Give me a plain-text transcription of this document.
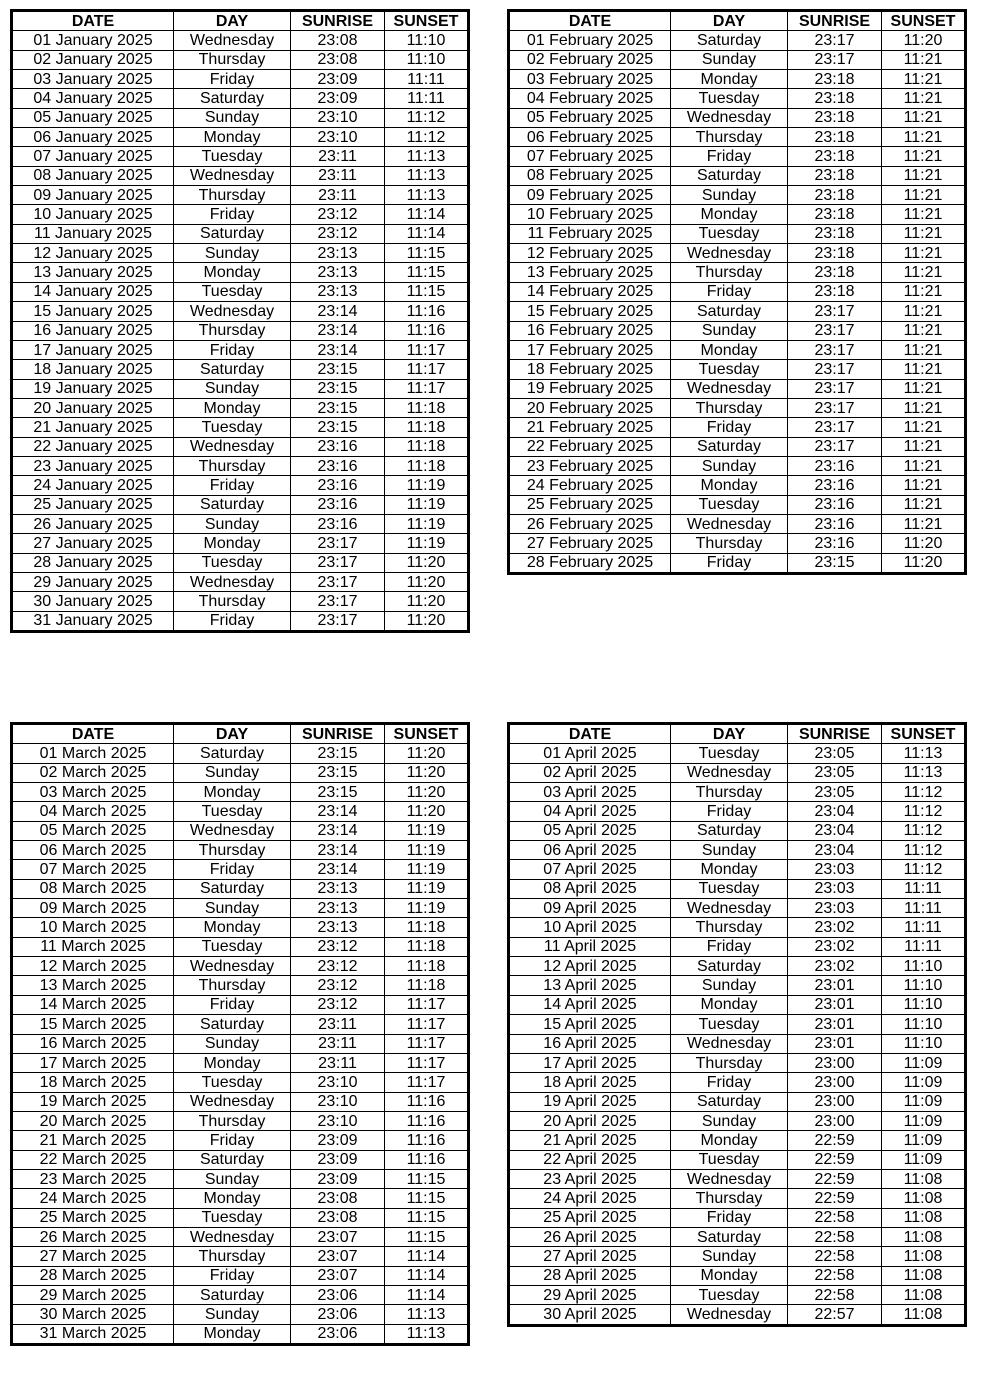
DATE	DAY	SUNRISE	SUNSET
01 January 2025	Wednesday	23:08	11:10
02 January 2025	Thursday	23:08	11:10
03 January 2025	Friday	23:09	11:11
04 January 2025	Saturday	23:09	11:11
05 January 2025	Sunday	23:10	11:12
06 January 2025	Monday	23:10	11:12
07 January 2025	Tuesday	23:11	11:13
08 January 2025	Wednesday	23:11	11:13
09 January 2025	Thursday	23:11	11:13
10 January 2025	Friday	23:12	11:14
11 January 2025	Saturday	23:12	11:14
12 January 2025	Sunday	23:13	11:15
13 January 2025	Monday	23:13	11:15
14 January 2025	Tuesday	23:13	11:15
15 January 2025	Wednesday	23:14	11:16
16 January 2025	Thursday	23:14	11:16
17 January 2025	Friday	23:14	11:17
18 January 2025	Saturday	23:15	11:17
19 January 2025	Sunday	23:15	11:17
20 January 2025	Monday	23:15	11:18
21 January 2025	Tuesday	23:15	11:18
22 January 2025	Wednesday	23:16	11:18
23 January 2025	Thursday	23:16	11:18
24 January 2025	Friday	23:16	11:19
25 January 2025	Saturday	23:16	11:19
26 January 2025	Sunday	23:16	11:19
27 January 2025	Monday	23:17	11:19
28 January 2025	Tuesday	23:17	11:20
29 January 2025	Wednesday	23:17	11:20
30 January 2025	Thursday	23:17	11:20
31 January 2025	Friday	23:17	11:20
DATE	DAY	SUNRISE	SUNSET
01 February 2025	Saturday	23:17	11:20
02 February 2025	Sunday	23:17	11:21
03 February 2025	Monday	23:18	11:21
04 February 2025	Tuesday	23:18	11:21
05 February 2025	Wednesday	23:18	11:21
06 February 2025	Thursday	23:18	11:21
07 February 2025	Friday	23:18	11:21
08 February 2025	Saturday	23:18	11:21
09 February 2025	Sunday	23:18	11:21
10 February 2025	Monday	23:18	11:21
11 February 2025	Tuesday	23:18	11:21
12 February 2025	Wednesday	23:18	11:21
13 February 2025	Thursday	23:18	11:21
14 February 2025	Friday	23:18	11:21
15 February 2025	Saturday	23:17	11:21
16 February 2025	Sunday	23:17	11:21
17 February 2025	Monday	23:17	11:21
18 February 2025	Tuesday	23:17	11:21
19 February 2025	Wednesday	23:17	11:21
20 February 2025	Thursday	23:17	11:21
21 February 2025	Friday	23:17	11:21
22 February 2025	Saturday	23:17	11:21
23 February 2025	Sunday	23:16	11:21
24 February 2025	Monday	23:16	11:21
25 February 2025	Tuesday	23:16	11:21
26 February 2025	Wednesday	23:16	11:21
27 February 2025	Thursday	23:16	11:20
28 February 2025	Friday	23:15	11:20
DATE	DAY	SUNRISE	SUNSET
01 March 2025	Saturday	23:15	11:20
02 March 2025	Sunday	23:15	11:20
03 March 2025	Monday	23:15	11:20
04 March 2025	Tuesday	23:14	11:20
05 March 2025	Wednesday	23:14	11:19
06 March 2025	Thursday	23:14	11:19
07 March 2025	Friday	23:14	11:19
08 March 2025	Saturday	23:13	11:19
09 March 2025	Sunday	23:13	11:19
10 March 2025	Monday	23:13	11:18
11 March 2025	Tuesday	23:12	11:18
12 March 2025	Wednesday	23:12	11:18
13 March 2025	Thursday	23:12	11:18
14 March 2025	Friday	23:12	11:17
15 March 2025	Saturday	23:11	11:17
16 March 2025	Sunday	23:11	11:17
17 March 2025	Monday	23:11	11:17
18 March 2025	Tuesday	23:10	11:17
19 March 2025	Wednesday	23:10	11:16
20 March 2025	Thursday	23:10	11:16
21 March 2025	Friday	23:09	11:16
22 March 2025	Saturday	23:09	11:16
23 March 2025	Sunday	23:09	11:15
24 March 2025	Monday	23:08	11:15
25 March 2025	Tuesday	23:08	11:15
26 March 2025	Wednesday	23:07	11:15
27 March 2025	Thursday	23:07	11:14
28 March 2025	Friday	23:07	11:14
29 March 2025	Saturday	23:06	11:14
30 March 2025	Sunday	23:06	11:13
31 March 2025	Monday	23:06	11:13
DATE	DAY	SUNRISE	SUNSET
01 April 2025	Tuesday	23:05	11:13
02 April 2025	Wednesday	23:05	11:13
03 April 2025	Thursday	23:05	11:12
04 April 2025	Friday	23:04	11:12
05 April 2025	Saturday	23:04	11:12
06 April 2025	Sunday	23:04	11:12
07 April 2025	Monday	23:03	11:12
08 April 2025	Tuesday	23:03	11:11
09 April 2025	Wednesday	23:03	11:11
10 April 2025	Thursday	23:02	11:11
11 April 2025	Friday	23:02	11:11
12 April 2025	Saturday	23:02	11:10
13 April 2025	Sunday	23:01	11:10
14 April 2025	Monday	23:01	11:10
15 April 2025	Tuesday	23:01	11:10
16 April 2025	Wednesday	23:01	11:10
17 April 2025	Thursday	23:00	11:09
18 April 2025	Friday	23:00	11:09
19 April 2025	Saturday	23:00	11:09
20 April 2025	Sunday	23:00	11:09
21 April 2025	Monday	22:59	11:09
22 April 2025	Tuesday	22:59	11:09
23 April 2025	Wednesday	22:59	11:08
24 April 2025	Thursday	22:59	11:08
25 April 2025	Friday	22:58	11:08
26 April 2025	Saturday	22:58	11:08
27 April 2025	Sunday	22:58	11:08
28 April 2025	Monday	22:58	11:08
29 April 2025	Tuesday	22:58	11:08
30 April 2025	Wednesday	22:57	11:08
